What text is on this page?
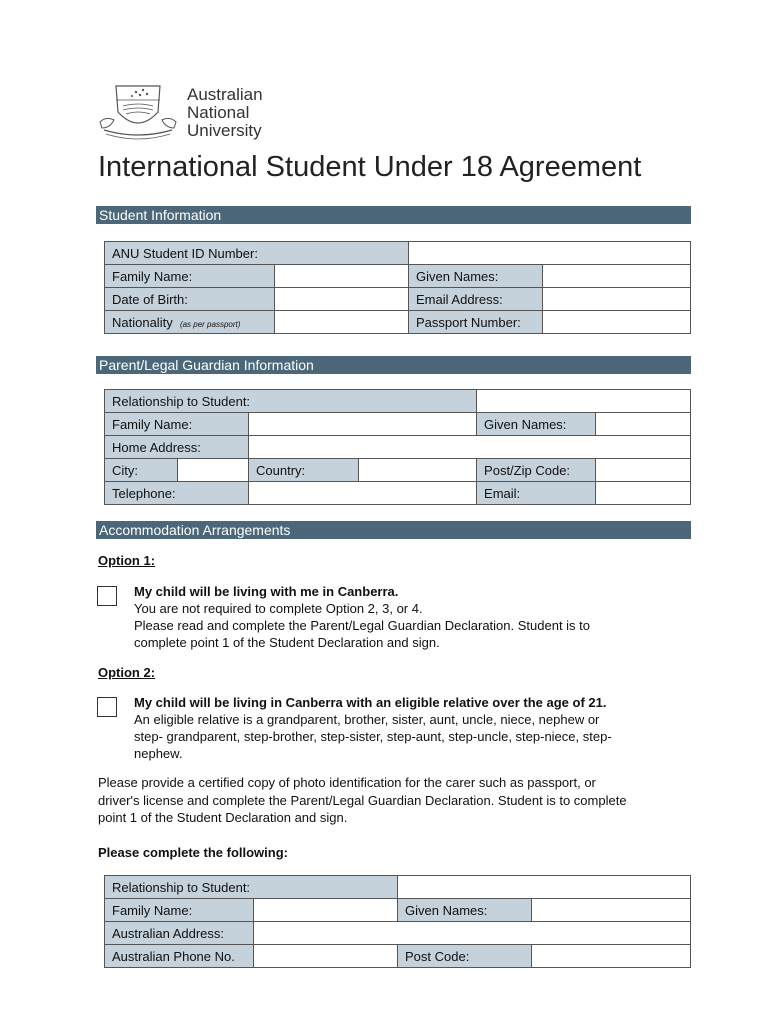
Australian
National
University
International Student Under 18 Agreement
Student Information
ANU Student ID Number:			
Family Name:		Given Names:	
Date of Birth:		Email Address:	
Nationality (as per passport)		Passport Number:	
Parent/Legal Guardian Information
Relationship to Student:					
Family Name:				Given Names:	
Home Address:					
City:		Country:		Post/Zip Code:	
Telephone:				Email:	
Accommodation Arrangements
Option 1:
My child will be living with me in Canberra.
You are not required to complete Option 2, 3, or 4.
Please read and complete the Parent/Legal Guardian Declaration. Student is to
complete point 1 of the Student Declaration and sign.
Option 2:
My child will be living in Canberra with an eligible relative over the age of 21.
An eligible relative is a grandparent, brother, sister, aunt, uncle, niece, nephew or
step- grandparent, step-brother, step-sister, step-aunt, step-uncle, step-niece, step-
nephew.
Please provide a certified copy of photo identification for the carer such as passport, or
driver's license and complete the Parent/Legal Guardian Declaration. Student is to complete
point 1 of the Student Declaration and sign.
Please complete the following:
Relationship to Student:			
Family Name:		Given Names:	
Australian Address:			
Australian Phone No.		Post Code:	
